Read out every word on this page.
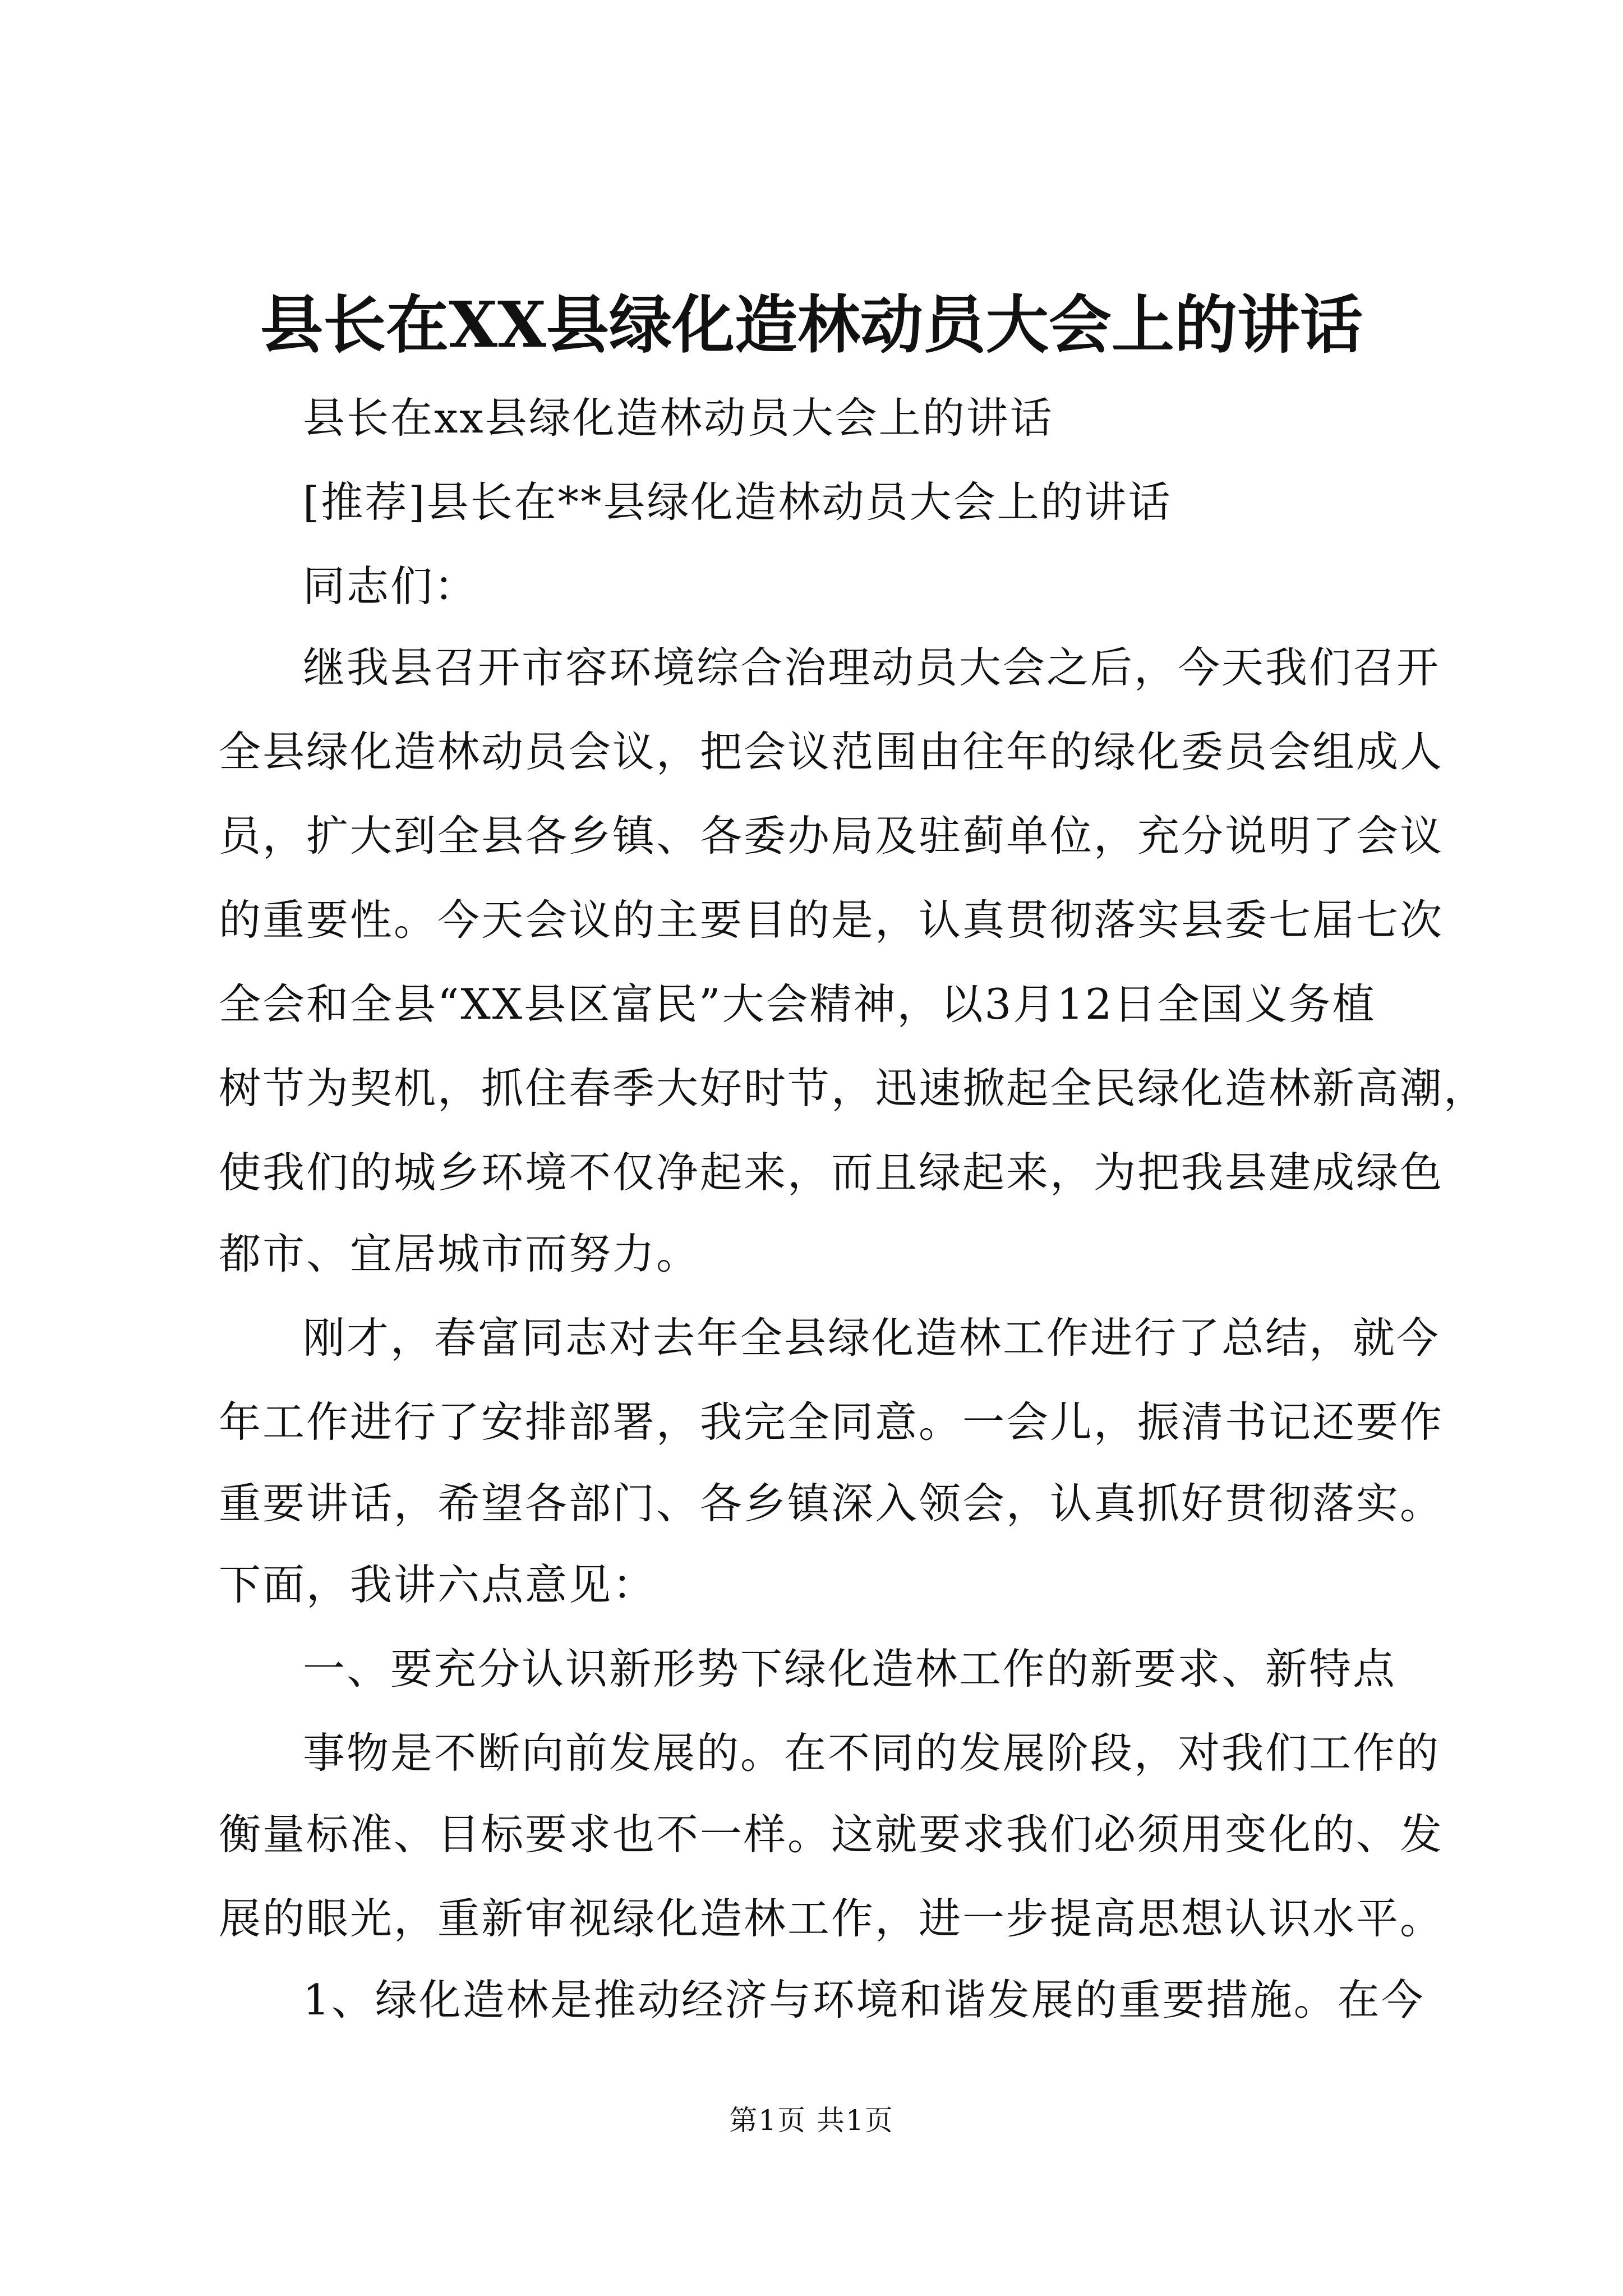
县长在XX县绿化造林动员大会上的讲话
县长在xx县绿化造林动员大会上的讲话
[推荐]县长在**县绿化造林动员大会上的讲话
同志们：
继我县召开市容环境综合治理动员大会之后，今天我们召开
全县绿化造林动员会议，把会议范围由往年的绿化委员会组成人
员，扩大到全县各乡镇、各委办局及驻蓟单位，充分说明了会议
的重要性。今天会议的主要目的是，认真贯彻落实县委七届七次
全会和全县“XX县区富民”大会精神，以3月12日全国义务植
树节为契机，抓住春季大好时节，迅速掀起全民绿化造林新高潮，
使我们的城乡环境不仅净起来，而且绿起来，为把我县建成绿色
都市、宜居城市而努力。
刚才，春富同志对去年全县绿化造林工作进行了总结，就今
年工作进行了安排部署，我完全同意。一会儿，振清书记还要作
重要讲话，希望各部门、各乡镇深入领会，认真抓好贯彻落实。
下面，我讲六点意见：
一、要充分认识新形势下绿化造林工作的新要求、新特点
事物是不断向前发展的。在不同的发展阶段，对我们工作的
衡量标准、目标要求也不一样。这就要求我们必须用变化的、发
展的眼光，重新审视绿化造林工作，进一步提高思想认识水平。
1、绿化造林是推动经济与环境和谐发展的重要措施。在今
第1页 共1页
